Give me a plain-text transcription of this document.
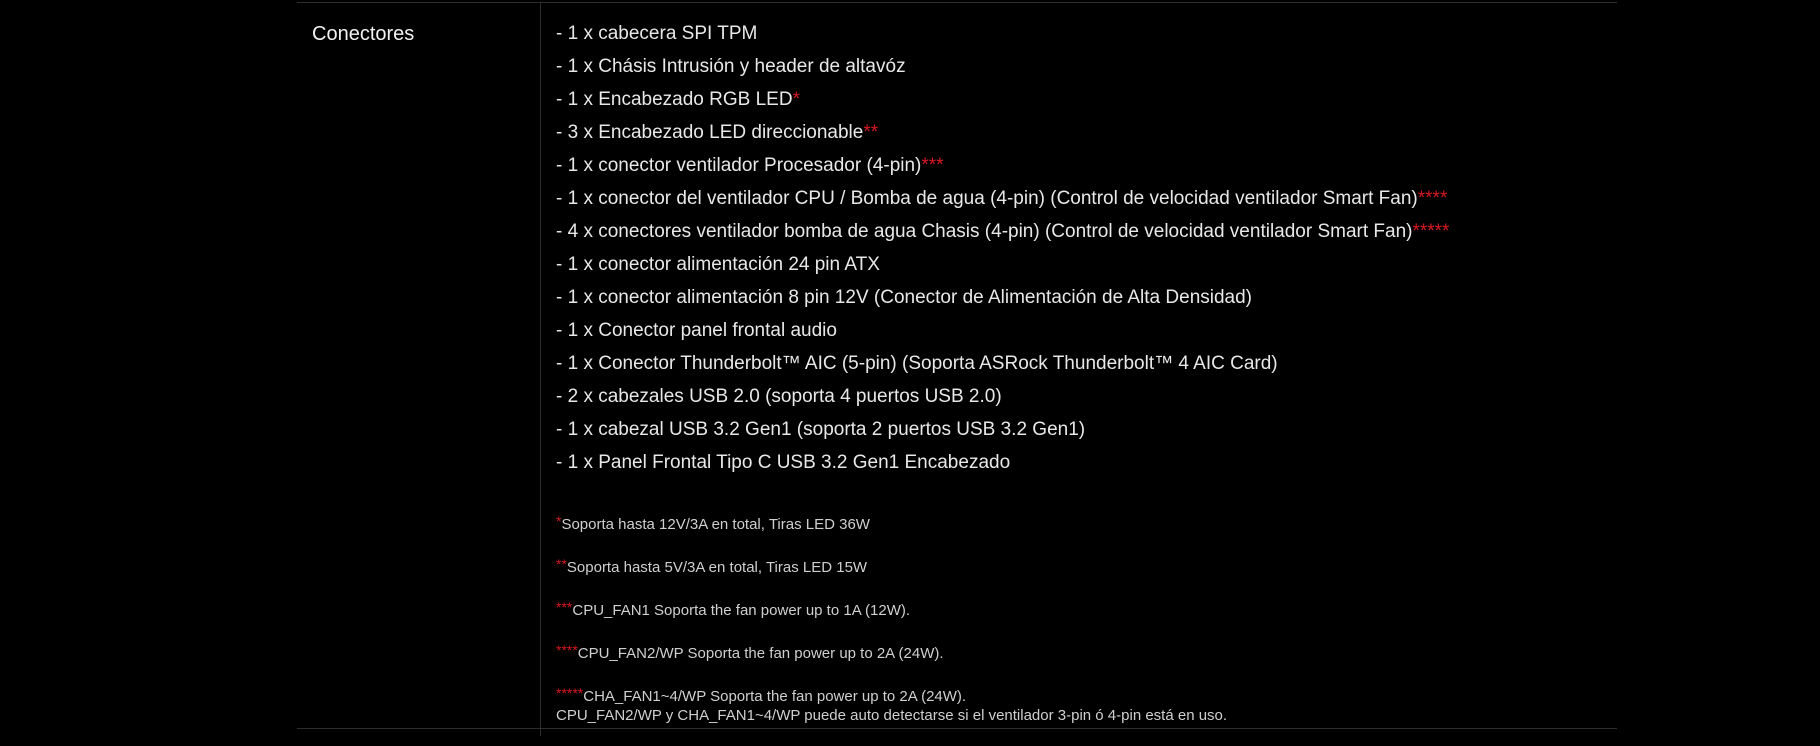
Conectores	- 1 x cabecera SPI TPM
- 1 x Chásis Intrusión y header de altavóz
- 1 x Encabezado RGB LED*
- 3 x Encabezado LED direccionable**
- 1 x conector ventilador Procesador (4-pin)***
- 1 x conector del ventilador CPU / Bomba de agua (4-pin) (Control de velocidad ventilador Smart Fan)****
- 4 x conectores ventilador bomba de agua Chasis (4-pin) (Control de velocidad ventilador Smart Fan)*****
- 1 x conector alimentación 24 pin ATX
- 1 x conector alimentación 8 pin 12V (Conector de Alimentación de Alta Densidad)
- 1 x Conector panel frontal audio
- 1 x Conector Thunderbolt™ AIC (5-pin) (Soporta ASRock Thunderbolt™ 4 AIC Card)
- 2 x cabezales USB 2.0 (soporta 4 puertos USB 2.0)
- 1 x cabezal USB 3.2 Gen1 (soporta 2 puertos USB 3.2 Gen1)
- 1 x Panel Frontal Tipo C USB 3.2 Gen1 Encabezado

*Soporta hasta 12V/3A en total, Tiras LED 36W

**Soporta hasta 5V/3A en total, Tiras LED 15W

***CPU_FAN1 Soporta the fan power up to 1A (12W).

****CPU_FAN2/WP Soporta the fan power up to 2A (24W).

*****CHA_FAN1~4/WP Soporta the fan power up to 2A (24W).
CPU_FAN2/WP y CHA_FAN1~4/WP puede auto detectarse si el ventilador 3-pin ó 4-pin está en uso.
